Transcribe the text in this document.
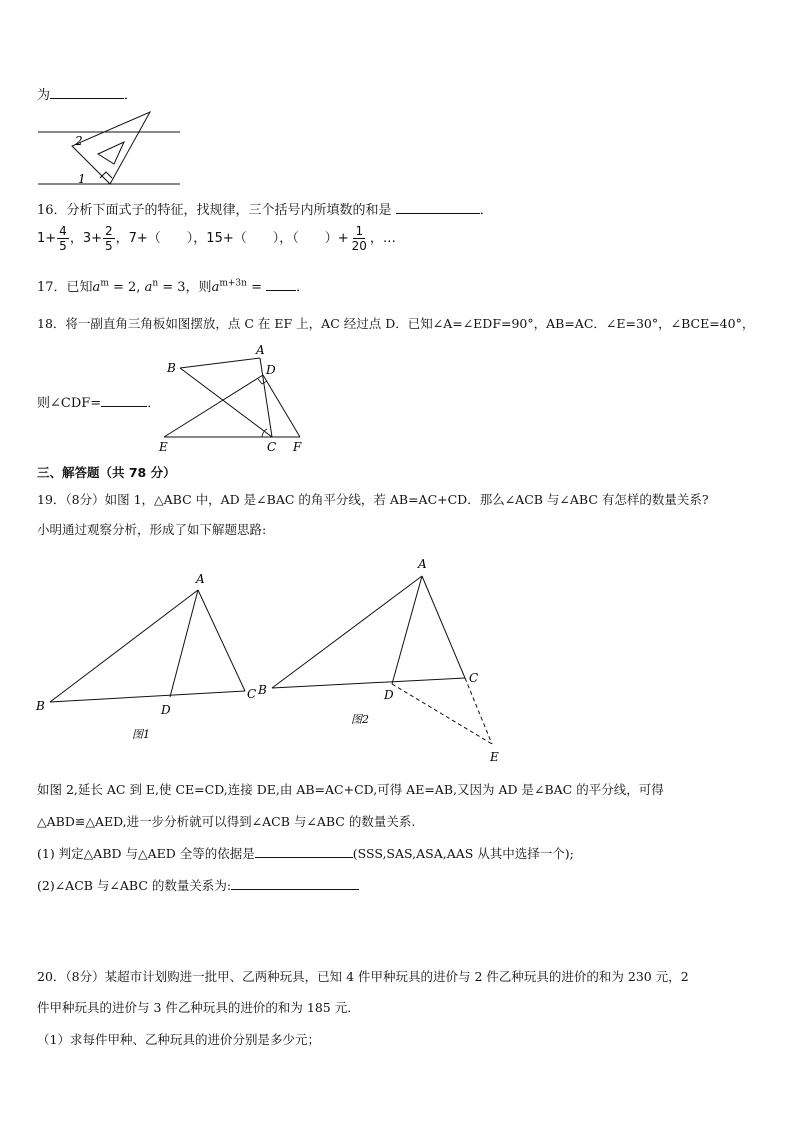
为	．
2
1
16．分析下面式子的特征，找规律，三个括号内所填数的和是	．
$1+ \frac{4}{5}$ ，$3+ \frac{2}{5}$ ，7+（　　），15+（　　），（　　）+ $\frac{1}{20}$ ，…
17．已知$a^m = 2$, $a^n = 3$，则$a^{m+3n}$ = ．
18．将一副直角三角板如图摆放，点 C 在 EF 上，AC 经过点 D．已知∠A=∠EDF=90°，AB=AC．∠E=30°，∠BCE=40°，
则∠CDF=	．
A
B	D
E	C F
三、解答题（共 78 分）
19．（8分）如图 1，△ABC 中，AD 是∠BAC 的角平分线，若 AB=AC+CD．那么∠ACB 与∠ABC 有怎样的数量关系?
小明通过观察分析，形成了如下解题思路:
A
B
C
D
图1
A
B
C
D
E
图2
如图 2,延长 AC 到 E,使 CE=CD,连接 DE,由 AB=AC+CD,可得 AE=AB,又因为 AD 是∠BAC 的平分线，可得
△ABD≌△AED,进一步分析就可以得到∠ACB 与∠ABC 的数量关系.
(1) 判定△ABD 与△AED 全等的依据是	(SSS,SAS,ASA,AAS 从其中选择一个);
(2)∠ACB 与∠ABC 的数量关系为:
20．（8分）某超市计划购进一批甲、乙两种玩具，已知 4 件甲种玩具的进价与 2 件乙种玩具的进价的和为 230 元，2
件甲种玩具的进价与 3 件乙种玩具的进价的和为 185 元．
（1）求每件甲种、乙种玩具的进价分别是多少元；
